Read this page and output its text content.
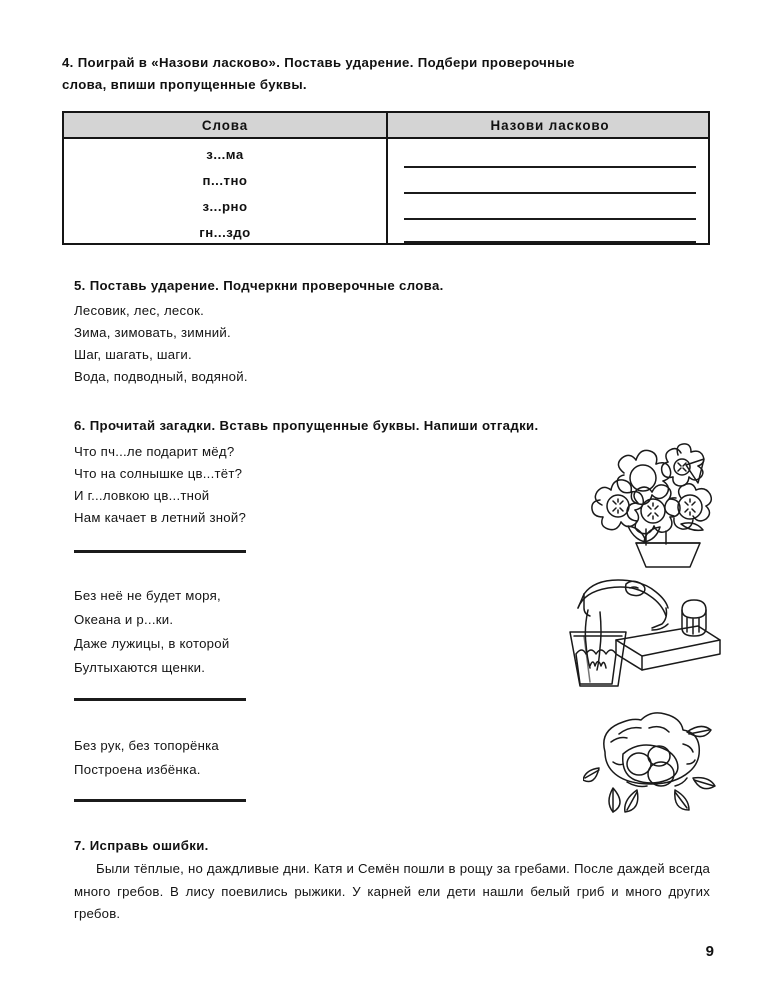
4. Поиграй в «Назови ласково». Поставь ударение. Подбери проверочные
слова, впиши пропущенные буквы.
Слова	Назови ласково
з...ма
п...тно
з...рно
гн...здо
5. Поставь ударение. Подчеркни проверочные слова.
Лесовик, лес, лесок.
Зима, зимовать, зимний.
Шаг, шагать, шаги.
Вода, подводный, водяной.
6. Прочитай загадки. Вставь пропущенные буквы. Напиши отгадки.
Что пч...ле подарит мёд?
Что на солнышке цв...тёт?
И г...ловкою цв...тной
Нам качает в летний зной?
Без неё не будет моря,
Океана и р...ки.
Даже лужицы, в которой
Бултыхаются щенки.
Без рук, без топорёнка
Построена избёнка.
7. Исправь ошибки.
Были тёплые, но даждливые дни. Катя и Семён пошли в рощу за гребами. После даждей всегда много гребов. В лису поевились рыжики. У карней ели дети нашли белый гриб и много других гребов.
9
